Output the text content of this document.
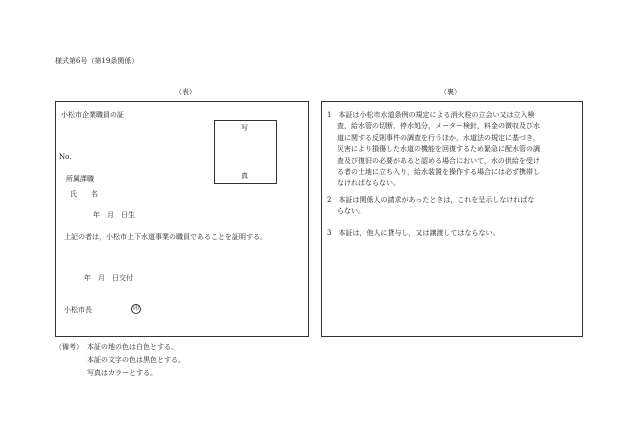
様式第6号（第19条関係）
（表）	（裏）
小松市企業職員の証
No.
所属課職
氏　　名
年　月　日生
上記の者は，小松市上下水道事業の職員であることを証明する。
年　月　日交付
小松市長	印
写
真
1　本証は小松市水道条例の規定による消火栓の立会い又は立入検
査，給水管の切断，停水処分，メーター検針，料金の徴収及び水
道に関する反則事件の調査を行うほか，水道法の規定に基づき，
災害により損傷した水道の機能を回復するため緊急に配水管の調
査及び復旧の必要があると認める場合において，水の供給を受け
る者の土地に立ち入り，給水装置を操作する場合には必ず携帯し
なければならない。
2　本証は関係人の請求があったときは，これを呈示しなければな
らない。
3　本証は，他人に貸与し，又は譲渡してはならない。
（備考） 本証の地の色は白色とする。
本証の文字の色は黒色とする。
写真はカラーとする。
